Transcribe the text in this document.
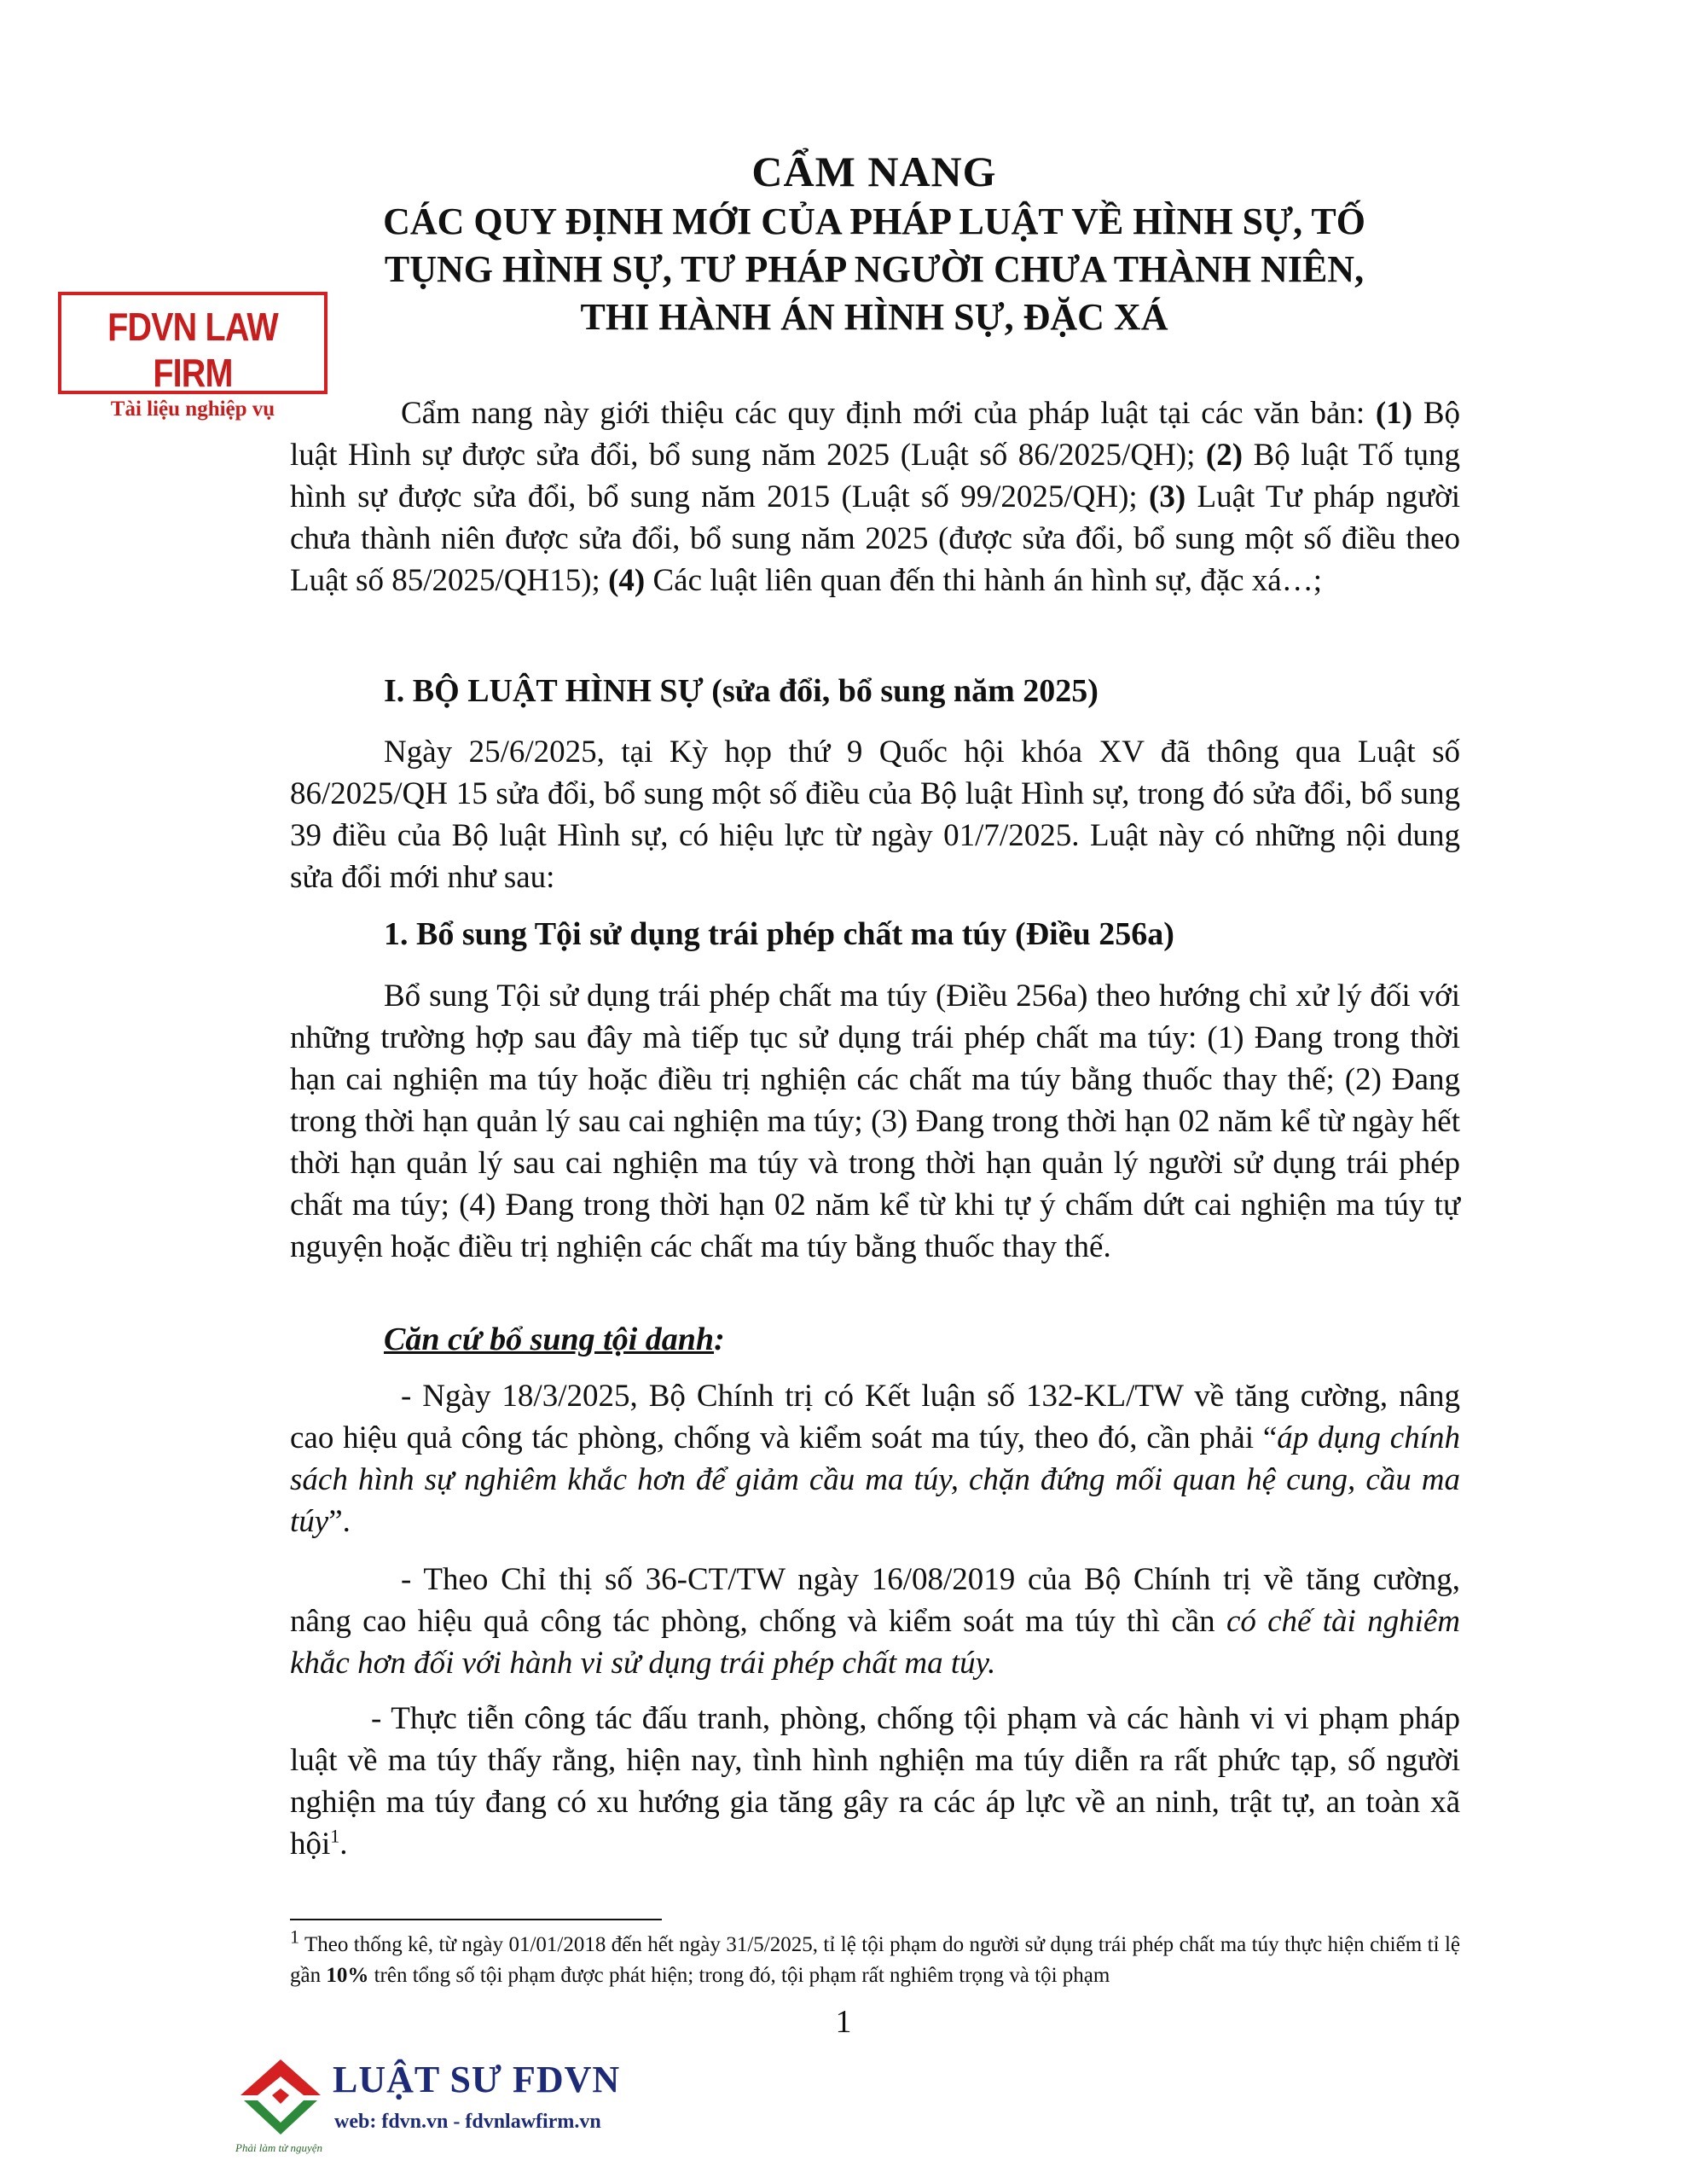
CẨM NANG
CÁC QUY ĐỊNH MỚI CỦA PHÁP LUẬT VỀ HÌNH SỰ, TỐ
TỤNG HÌNH SỰ, TƯ PHÁP NGƯỜI CHƯA THÀNH NIÊN,
THI HÀNH ÁN HÌNH SỰ, ĐẶC XÁ
FDVN LAW FIRM
Tài liệu nghiệp vụ	Cẩm nang này giới thiệu các quy định mới của pháp luật tại các văn bản: (1) Bộ luật Hình sự được sửa đổi, bổ sung năm 2025 (Luật số 86/2025/QH); (2) Bộ luật Tố tụng hình sự được sửa đổi, bổ sung năm 2015 (Luật số 99/2025/QH); (3) Luật Tư pháp người chưa thành niên được sửa đổi, bổ sung năm 2025 (được sửa đổi, bổ sung một số điều theo Luật số 85/2025/QH15); (4) Các luật liên quan đến thi hành án hình sự, đặc xá…;

I. BỘ LUẬT HÌNH SỰ (sửa đổi, bổ sung năm 2025)

Ngày 25/6/2025, tại Kỳ họp thứ 9 Quốc hội khóa XV đã thông qua Luật số 86/2025/QH 15 sửa đổi, bổ sung một số điều của Bộ luật Hình sự, trong đó sửa đổi, bổ sung 39 điều của Bộ luật Hình sự, có hiệu lực từ ngày 01/7/2025. Luật này có những nội dung sửa đổi mới như sau:

1. Bổ sung Tội sử dụng trái phép chất ma túy (Điều 256a)

Bổ sung Tội sử dụng trái phép chất ma túy (Điều 256a) theo hướng chỉ xử lý đối với những trường hợp sau đây mà tiếp tục sử dụng trái phép chất ma túy: (1) Đang trong thời hạn cai nghiện ma túy hoặc điều trị nghiện các chất ma túy bằng thuốc thay thế; (2) Đang trong thời hạn quản lý sau cai nghiện ma túy; (3) Đang trong thời hạn 02 năm kể từ ngày hết thời hạn quản lý sau cai nghiện ma túy và trong thời hạn quản lý người sử dụng trái phép chất ma túy; (4) Đang trong thời hạn 02 năm kể từ khi tự ý chấm dứt cai nghiện ma túy tự nguyện hoặc điều trị nghiện các chất ma túy bằng thuốc thay thế.

Căn cứ bổ sung tội danh:

- Ngày 18/3/2025, Bộ Chính trị có Kết luận số 132-KL/TW về tăng cường, nâng cao hiệu quả công tác phòng, chống và kiểm soát ma túy, theo đó, cần phải “áp dụng chính sách hình sự nghiêm khắc hơn để giảm cầu ma túy, chặn đứng mối quan hệ cung, cầu ma túy”.

- Theo Chỉ thị số 36-CT/TW ngày 16/08/2019 của Bộ Chính trị về tăng cường, nâng cao hiệu quả công tác phòng, chống và kiểm soát ma túy thì cần có chế tài nghiêm khắc hơn đối với hành vi sử dụng trái phép chất ma túy.

- Thực tiễn công tác đấu tranh, phòng, chống tội phạm và các hành vi vi phạm pháp luật về ma túy thấy rằng, hiện nay, tình hình nghiện ma túy diễn ra rất phức tạp, số người nghiện ma túy đang có xu hướng gia tăng gây ra các áp lực về an ninh, trật tự, an toàn xã hội$^1$.

$^1$ Theo thống kê, từ ngày 01/01/2018 đến hết ngày 31/5/2025, tỉ lệ tội phạm do người sử dụng trái phép chất ma túy thực hiện chiếm tỉ lệ gần 10% trên tổng số tội phạm được phát hiện; trong đó, tội phạm rất nghiêm trọng và tội phạm
1
LUẬT SƯ FDVN
web: fdvn.vn - fdvnlawfirm.vn
Phải làm tử nguyện
